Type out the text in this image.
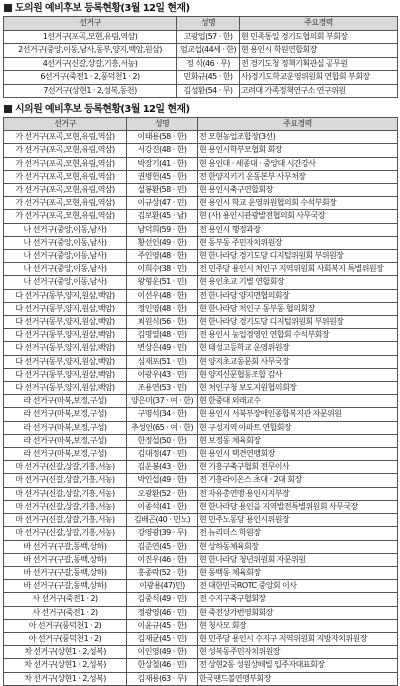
도의원 예비후보 등록현황(3월 12일 현재)
선거구	성명	주요경력
1선거구(포곡,모현,유림,역삼)	고광업(57 · 한)	현 민족통일 경기도협의회 부회장
2선거구(중앙,이동,남사,동부,양지,백암,원삼)	엄교섭(44세 · 한)	현 용인시 학원연합회장
4선거구(신갈,상갈,기흥,서농)	정 식(46 · 무)	전 경기도청 정책기획관실 공무원
6선거구(죽전1 · 2,풍덕천1 · 2)	민화규(45 · 한)	사)경기도학교운영위원회 연합회 부회장
7선거구(상현1 · 2,성복,동천)	김성환(54 · 무)	고려대 가족정책연구소 연구위원
시의원 예비후보 등록현황(3월 12일 현재)
선거구	성명	주요경력
가 선거구(포곡,모현,유림,역삼)	이태용(58 · 한)	전 모현농업조합장(3선)
가 선거구(포곡,모현,유림,역삼)	서강진(48 · 한)	현 용인시학부모협회 회장
가 선거구(포곡,모현,유림,역삼)	박장기(41 · 한)	현 용인대 · 세종대 · 중앙대 시간강사
가 선거구(포곡,모현,유림,역삼)	권병헌(45 · 한)	전 한양지키기 운동본부 사무처장
가 선거구(포곡,모현,유림,역삼)	설봉환(58 · 민)	현 용인시축구연합회장
가 선거구(포곡,모현,유림,역삼)	이규상(47 · 민)	현 용인시 학교 운영위원협의회 수석부회장
가 선거구(포곡,모현,유림,역삼)	김보환(45 · 남)	현 (사) 용인시관광발전협의회 사무국장
나 선거구(중앙,이동,남사)	남덕희(59 · 한)	전 용인시 행정과장
나 선거구(중앙,이동,남사)	황선인(49 · 한)	현 동부동 주민자치위원장
나 선거구(중앙,이동,남사)	주인영(48 · 한)	현 한나라당 경기도당 디지털위원회 부위원장
나 선거구(중앙,이동,남사)	이희수(38 · 민)	전 민주당 용인시 처인구 지역위원회 사회복지 특별위원장
나 선거구(중앙,이동,남사)	왕형운(51 · 민)	현 용인초교 기별 연합회장
다 선거구(동부,양지,원삼,백암)	이선우(48 · 한)	전 한나라당 양지면협의회장
다 선거구(동부,양지,원삼,백암)	정인영(48 · 한)	현 한나라당 처인구 동부동 협의회장
다 선거구(동부,양지,원삼,백암)	최원식(56 · 한)	현 한나라당 경기도당 디지털위원회 부위원장
다 선거구(동부,양지,원삼,백암)	김명열(48 · 민)	전 용인시 농업경영인 연합회 수석부회장
다 선거구(동부,양지,원삼,백암)	변상은(49 · 민)	현 태성고등학교 운영위원장
다 선거구(동부,양지,원삼,백암)	심재포(51 · 민)	현 양지초교동문회 사무국장
다 선거구(동부,양지,원삼,백암)	이광우(43 · 민)	현 양지신문협동조합 감사
다 선거구(동부,양지,원삼,백암)	조용연(53 · 민)	현 처인구청 보도지원협의회장
라 선거구(마북,보정,구성)	양은미(37 · 여 · 한)	현 한중대 외래교수
라 선거구(마북,보정,구성)	구명석(34 · 한)	현 용인시 서북부장애인종합복지관 자문위원
라 선거구(마북,보정,구성)	추성인(65 · 여 · 한)	현 구성지역 아파트 연합회장
라 선거구(마북,보정,구성)	한정섭(50 · 한)	현 보정동 체육회장
라 선거구(마북,보정,구성)	김대정(47 · 민)	현 용인시 택견연맹회장
마 선거구(신갈,상갈,기흥,서농)	김운봉(43 · 한)	현 기흥구축구협회 전무이사
마 선거구(신갈,상갈,기흥,서농)	박인섭(49 · 한)	전 기흥라이온스 초대 · 2대 회장
마 선거구(신갈,상갈,기흥,서농)	오광환(52 · 한)	전 자유총연맹 용인시지부장
마 선거구(신갈,상갈,기흥,서농)	이종석(41 · 한)	현 한나라당 용인을 지역발전특별위원회 사무국장
마 선거구(신갈,상갈,기흥,서농)	김배곤(40 · 민노)	현 민주노동당 용인시위원장
마 선거구(신갈,상갈,기흥,서농)	강영광(39 · 무)	전 뉴리더스 학원장
바 선거구(구갈,동백,상하)	김준연(45 · 한)	현 상하동체육회장
바 선거구(구갈,동백,상하)	이진우(46 · 한)	현 한나라당 청년위원회 자문위원
바 선거구(구갈,동백,상하)	홍종락(52 · 한)	현 동백동 체육회장
바 선거구(구갈,동백,상하)	이광용(47)민)	전 대한민국ROTC 중앙회 이사
사 선거구(죽전1 · 2)	김중식(49 · 민)	전 수지구축구협회장
사 선거구(죽전1 · 2)	정광영(46 · 민)	현 죽전상가번영회회장
아 선거구(풍덕천1 · 2)	이윤규(45 · 한)	현 청사모 회장
아 선거구(풍덕천1 · 2)	김재균(45 · 민)	현 민주당 용인시 수지구 지역위원회 지방자치위원장
차 선거구(상현1 · 2,성복)	이인영(49 · 한)	현 성복동주민자치위원장
차 선거구(상현1 · 2,성복)	한상철(46 · 민)	전 상현2동 성원상떼빌 입주자대표회장
차 선거구(상현1 · 2,성복)	김재용(63 · 무)	한국팬드볼연맹부회장
